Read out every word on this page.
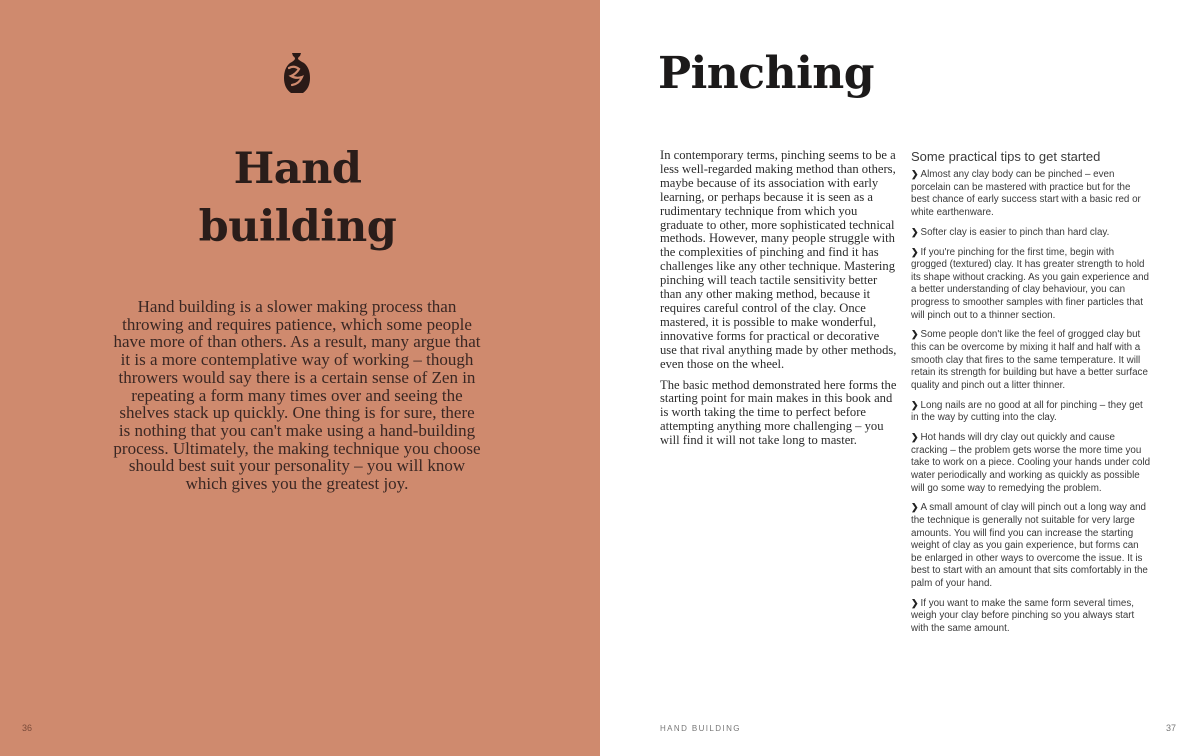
Hand
building
Hand building is a slower making process than throwing and requires patience, which some people have more of than others. As a result, many argue that it is a more contemplative way of working – though throwers would say there is a certain sense of Zen in repeating a form many times over and seeing the shelves stack up quickly. One thing is for sure, there is nothing that you can't make using a hand-building process. Ultimately, the making technique you choose should best suit your personality – you will know which gives you the greatest joy.
36
Pinching

In contemporary terms, pinching seems to be a less well-regarded making method than others, maybe because of its association with early learning, or perhaps because it is seen as a rudimentary technique from which you graduate to other, more sophisticated technical methods. However, many people struggle with the complexities of pinching and find it has challenges like any other technique. Mastering pinching will teach tactile sensitivity better than any other making method, because it requires careful control of the clay. Once mastered, it is possible to make wonderful, innovative forms for practical or decorative use that rival anything made by other methods, even those on the wheel.

The basic method demonstrated here forms the starting point for main makes in this book and is worth taking the time to perfect before attempting anything more challenging – you will find it will not take long to master.

Some practical tips to get started
❯ Almost any clay body can be pinched – even porcelain can be mastered with practice but for the best chance of early success start with a basic red or white earthenware.
❯ Softer clay is easier to pinch than hard clay.
❯ If you're pinching for the first time, begin with grogged (textured) clay. It has greater strength to hold its shape without cracking. As you gain experience and a better understanding of clay behaviour, you can progress to smoother samples with finer particles that will pinch out to a thinner section.
❯ Some people don't like the feel of grogged clay but this can be overcome by mixing it half and half with a smooth clay that fires to the same temperature. It will retain its strength for building but have a better surface quality and pinch out a litter thinner.
❯ Long nails are no good at all for pinching – they get in the way by cutting into the clay.
❯ Hot hands will dry clay out quickly and cause cracking – the problem gets worse the more time you take to work on a piece. Cooling your hands under cold water periodically and working as quickly as possible will go some way to remedying the problem.
❯ A small amount of clay will pinch out a long way and the technique is generally not suitable for very large amounts. You will find you can increase the starting weight of clay as you gain experience, but forms can be enlarged in other ways to overcome the issue. It is best to start with an amount that sits comfortably in the palm of your hand.
❯ If you want to make the same form several times, weigh your clay before pinching so you always start with the same amount.
HAND BUILDING	37
